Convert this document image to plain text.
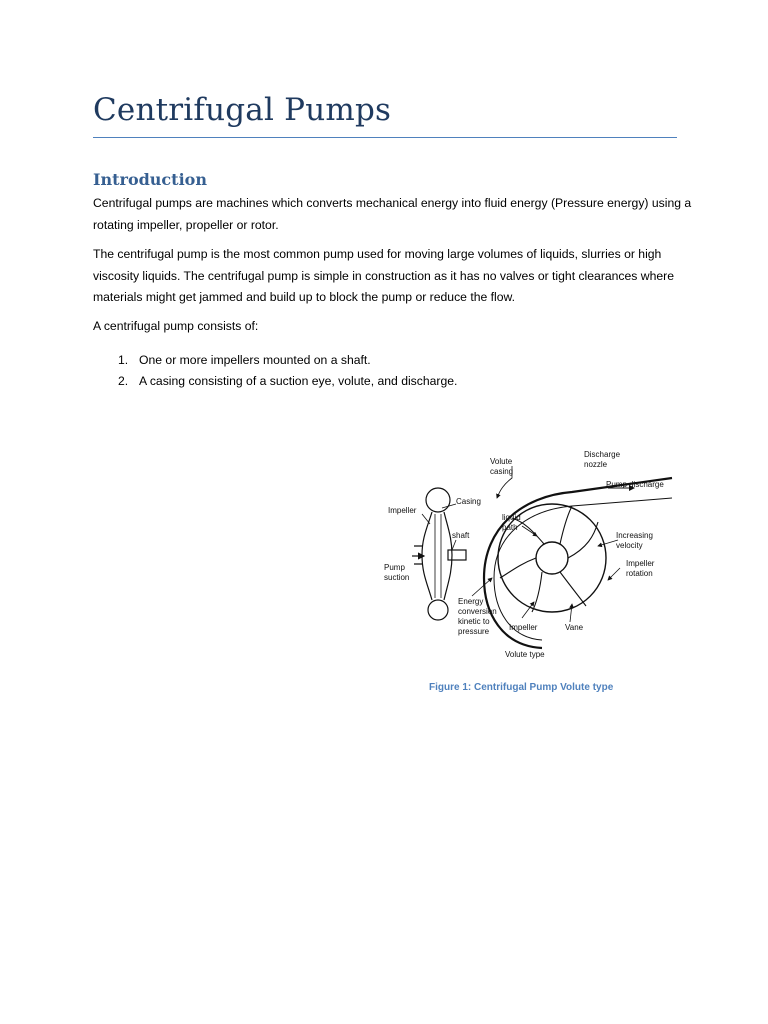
Centrifugal Pumps
Introduction
Centrifugal pumps are machines which converts mechanical energy into fluid energy (Pressure energy) using a rotating impeller, propeller or rotor.
The centrifugal pump is the most common pump used for moving large volumes of liquids, slurries or high viscosity liquids. The centrifugal pump is simple in construction as it has no valves or tight clearances where materials might get jammed and build up to block the pump or reduce the flow.
A centrifugal pump consists of:
1. One or more impellers mounted on a shaft.
2. A casing consisting of a suction eye, volute, and discharge.
Discharge
nozzle
Volute
casing
Pump discharge
Casing
Impeller
shaft
liquid
path
Increasing
velocity
Impeller
rotation
Pump
suction
Energy
conversion
kinetic to
pressure Impeller	Vane
Volute type
Figure 1: Centrifugal Pump Volute type
